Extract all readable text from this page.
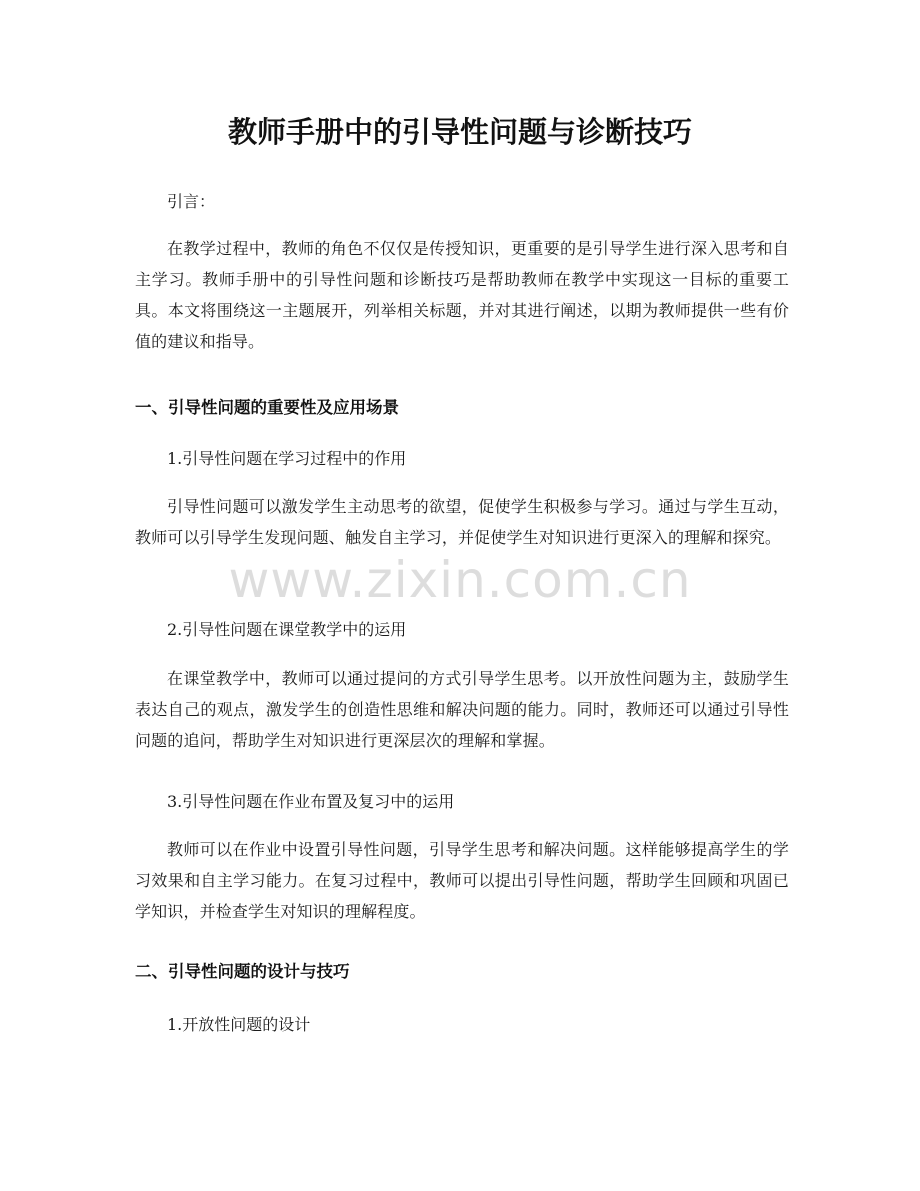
教师手册中的引导性问题与诊断技巧

引言：

在教学过程中，教师的角色不仅仅是传授知识，更重要的是引导学生进行深入思考和自主学习。教师手册中的引导性问题和诊断技巧是帮助教师在教学中实现这一目标的重要工具。本文将围绕这一主题展开，列举相关标题，并对其进行阐述，以期为教师提供一些有价值的建议和指导。

一、引导性问题的重要性及应用场景

1.引导性问题在学习过程中的作用

引导性问题可以激发学生主动思考的欲望，促使学生积极参与学习。通过与学生互动，教师可以引导学生发现问题、触发自主学习，并促使学生对知识进行更深入的理解和探究。

2.引导性问题在课堂教学中的运用

在课堂教学中，教师可以通过提问的方式引导学生思考。以开放性问题为主，鼓励学生表达自己的观点，激发学生的创造性思维和解决问题的能力。同时，教师还可以通过引导性问题的追问，帮助学生对知识进行更深层次的理解和掌握。

3.引导性问题在作业布置及复习中的运用

教师可以在作业中设置引导性问题，引导学生思考和解决问题。这样能够提高学生的学习效果和自主学习能力。在复习过程中，教师可以提出引导性问题，帮助学生回顾和巩固已学知识，并检查学生对知识的理解程度。

二、引导性问题的设计与技巧

1.开放性问题的设计

www.zixin.com.cn
